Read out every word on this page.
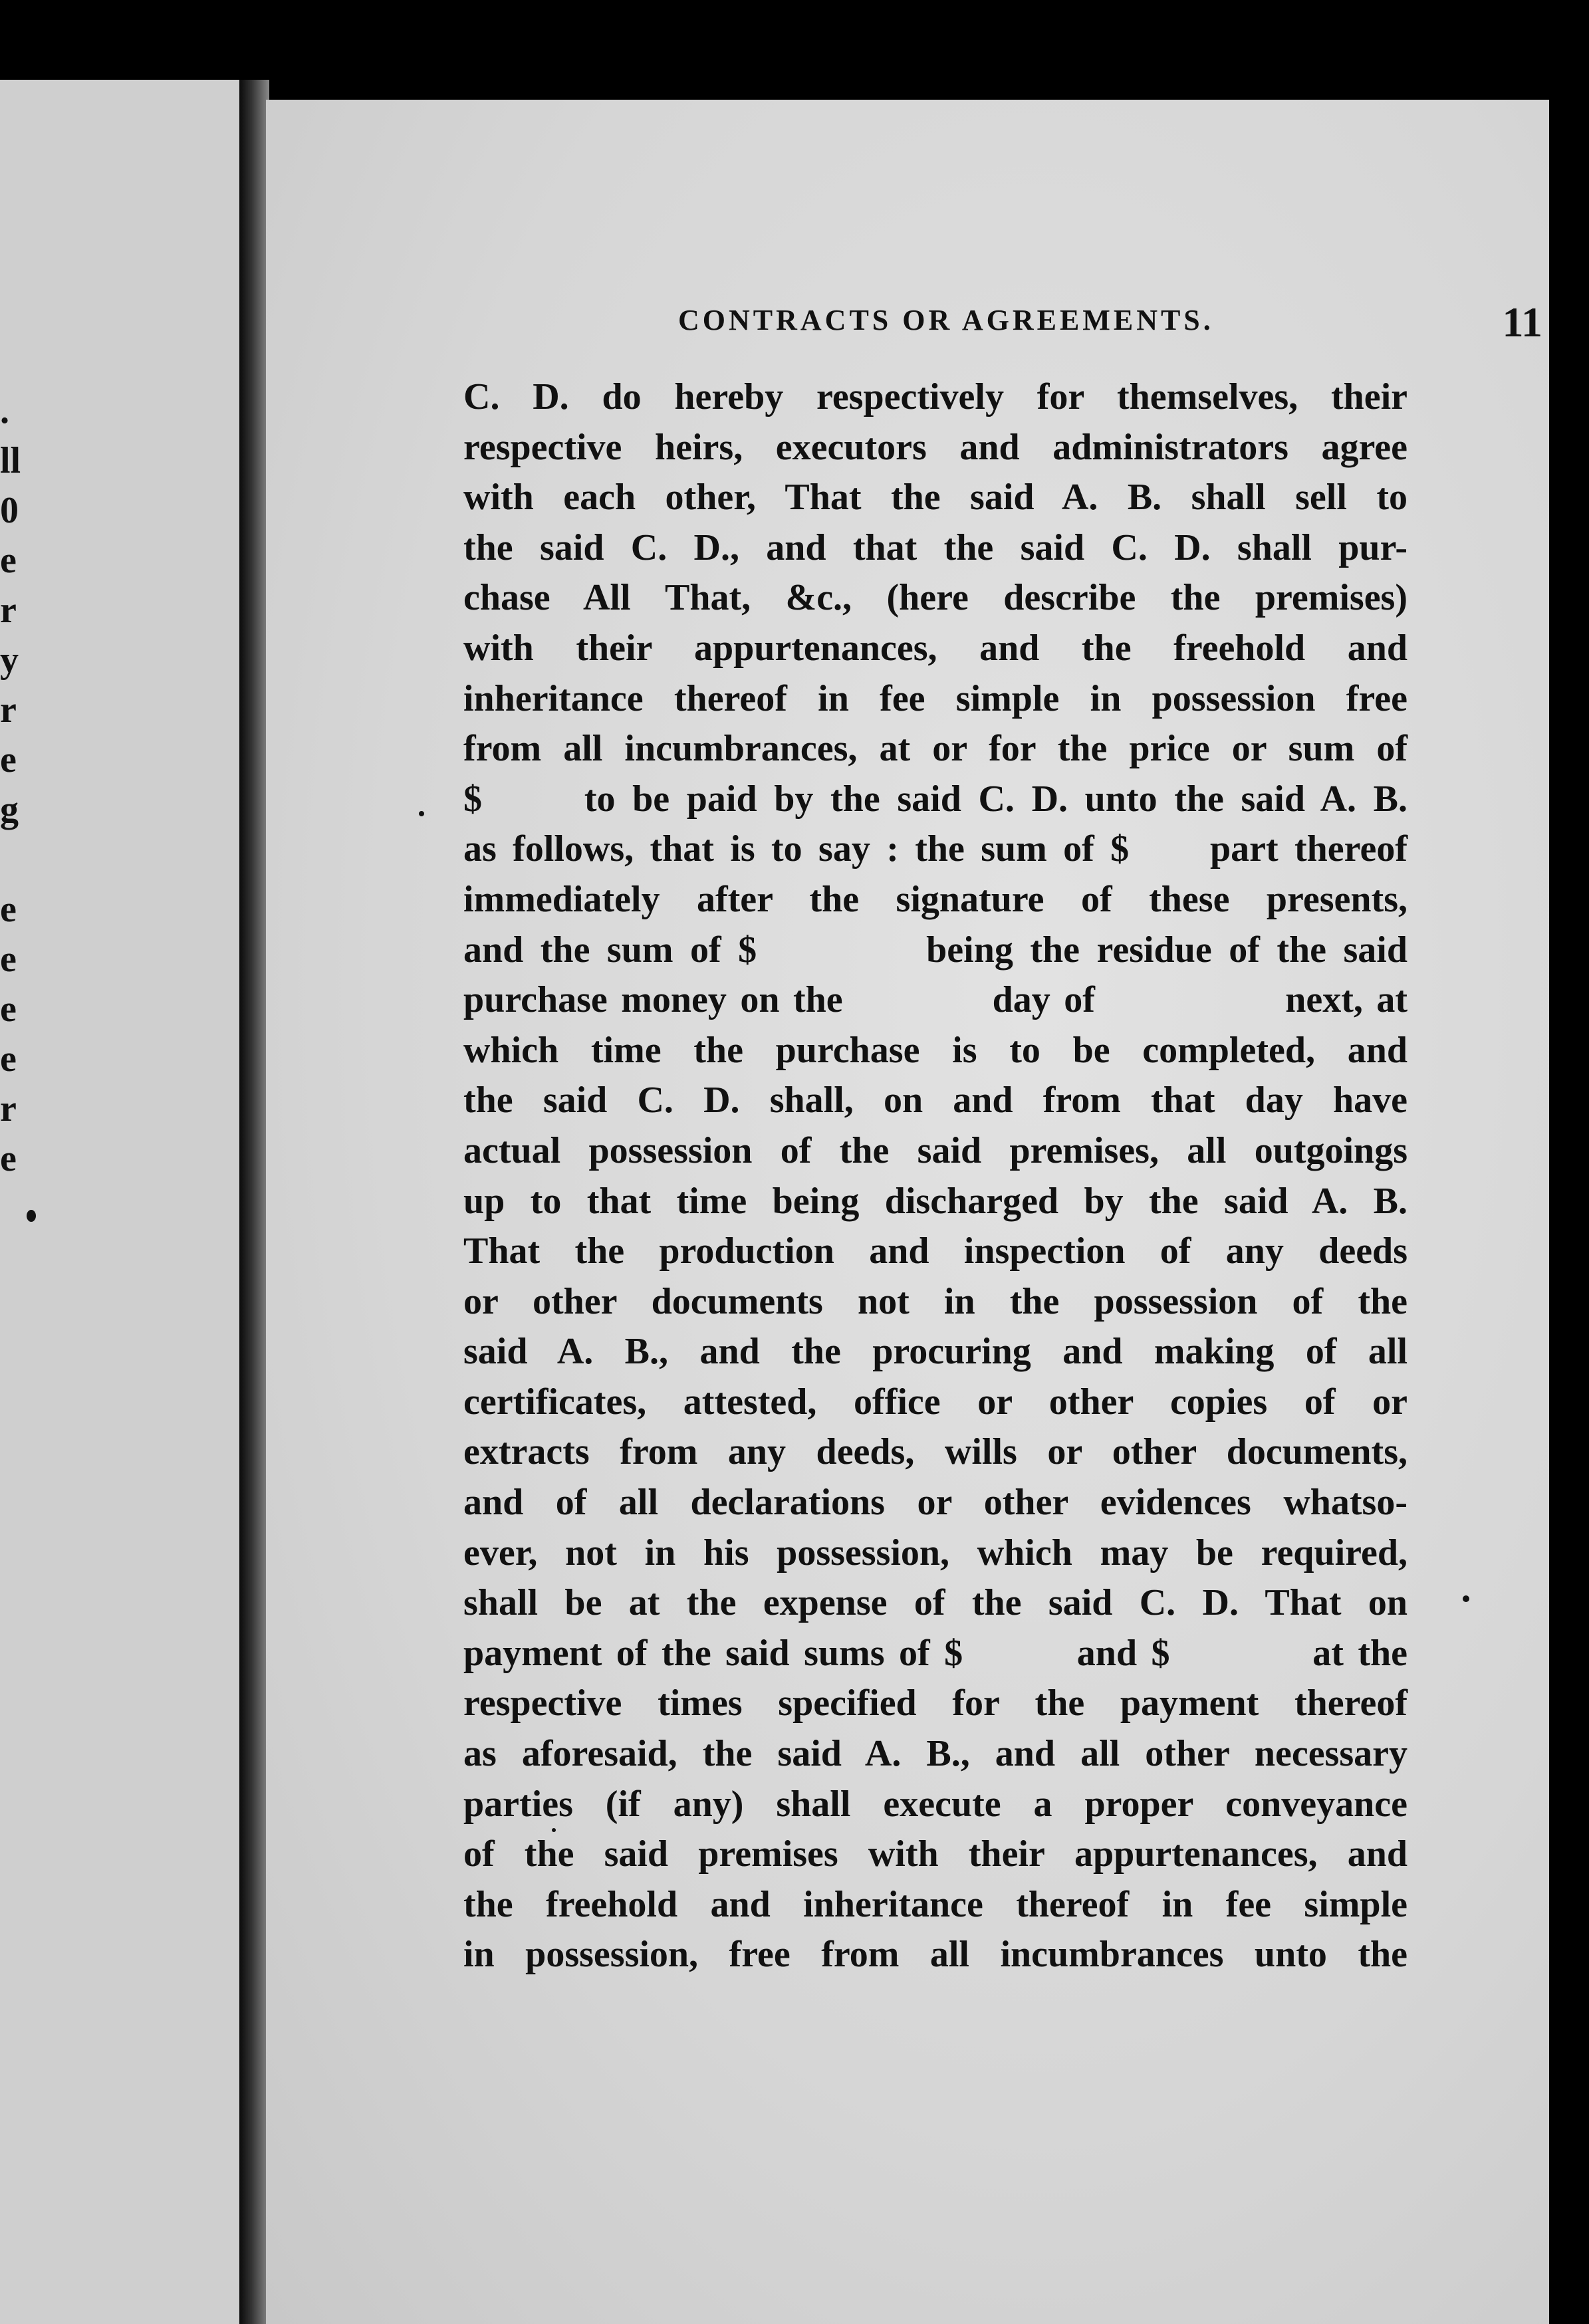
.
ll
0
e
r
y
r
e
g
e
e
e
e
r
e
CONTRACTS OR AGREEMENTS.	11
C. D. do hereby respectively for themselves, their
respective heirs, executors and administrators agree
with each other, That the said A. B. shall sell to
the said C. D., and that the said C. D. shall pur-
chase All That, &c., (here describe the premises)
with their appurtenances, and the freehold and
inheritance thereof in fee simple in possession free
from all incumbrances, at or for the price or sum of
$      to be paid by the said C. D. unto the said A. B.
as follows, that is to say : the sum of $     part thereof
immediately after the signature of these presents,
and the sum of $          being the residue of the said
purchase money on the           day of              next, at
which time the purchase is to be completed, and
the said C. D. shall, on and from that day have
actual possession of the said premises, all outgoings
up to that time being discharged by the said A. B.
That the production and inspection of any deeds
or other documents not in the possession of the
said A. B., and the procuring and making of all
certificates, attested, office or other copies of or
extracts from any deeds, wills or other documents,
and of all declarations or other evidences whatso-
ever, not in his possession, which may be required,
shall be at the expense of the said C. D. That on
payment of the said sums of $        and $          at the
respective times specified for the payment thereof
as aforesaid, the said A. B., and all other necessary
parties (if any) shall execute a proper conveyance
of the said premises with their appurtenances, and
the freehold and inheritance thereof in fee simple
in possession, free from all incumbrances unto the
